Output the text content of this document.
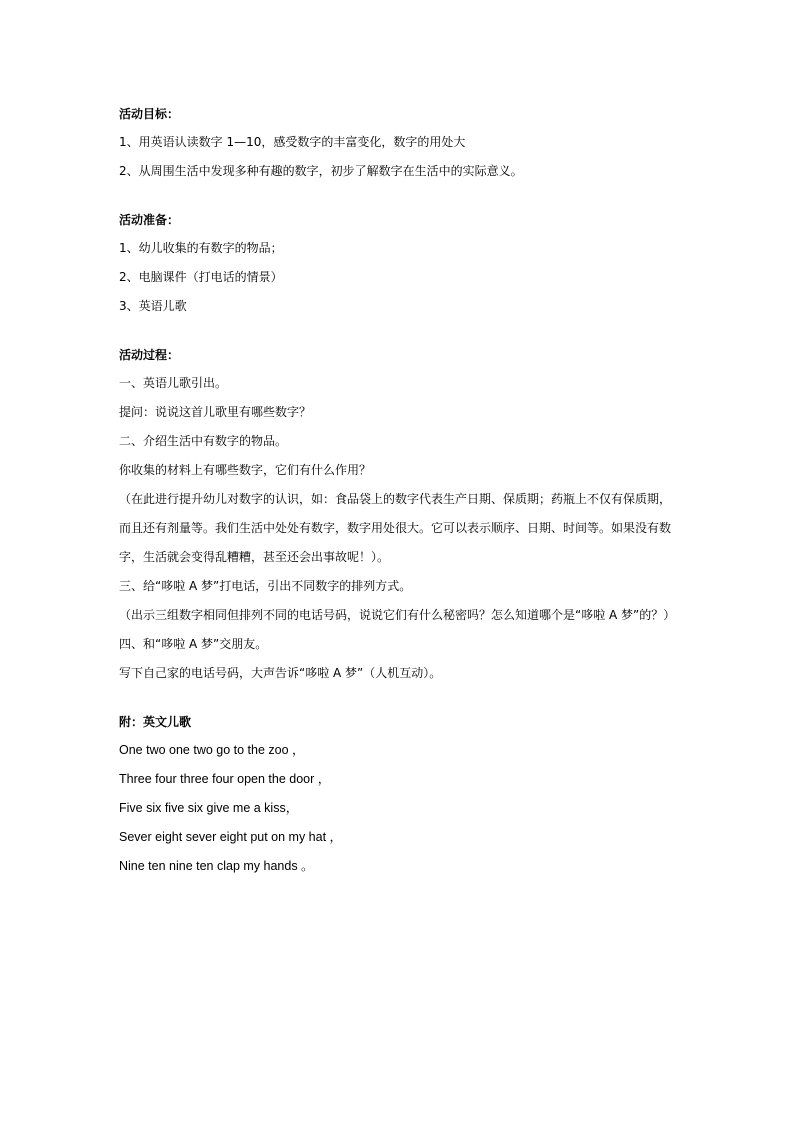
活动目标：
1、用英语认读数字 1—10，感受数字的丰富变化，数字的用处大
2、从周围生活中发现多种有趣的数字，初步了解数字在生活中的实际意义。
活动准备：
1、幼儿收集的有数字的物品；
2、电脑课件（打电话的情景）
3、英语儿歌
活动过程：
一、英语儿歌引出。
提问：说说这首儿歌里有哪些数字？
二、介绍生活中有数字的物品。
你收集的材料上有哪些数字，它们有什么作用？
（在此进行提升幼儿对数字的认识，如：食品袋上的数字代表生产日期、保质期；药瓶上不仅有保质期，
而且还有剂量等。我们生活中处处有数字，数字用处很大。它可以表示顺序、日期、时间等。如果没有数
字，生活就会变得乱糟糟，甚至还会出事故呢！）。
三、给“哆啦 A 梦”打电话，引出不同数字的排列方式。
（出示三组数字相同但排列不同的电话号码，说说它们有什么秘密吗？怎么知道哪个是“哆啦 A 梦”的？）
四、和“哆啦 A 梦”交朋友。
写下自己家的电话号码，大声告诉“哆啦 A 梦”（人机互动）。
附：英文儿歌
One two one two go to the zoo ，
Three four three four open the door ，
Five six five six give me a kiss，
Sever eight sever eight put on my hat ，
Nine ten nine ten clap my hands 。
